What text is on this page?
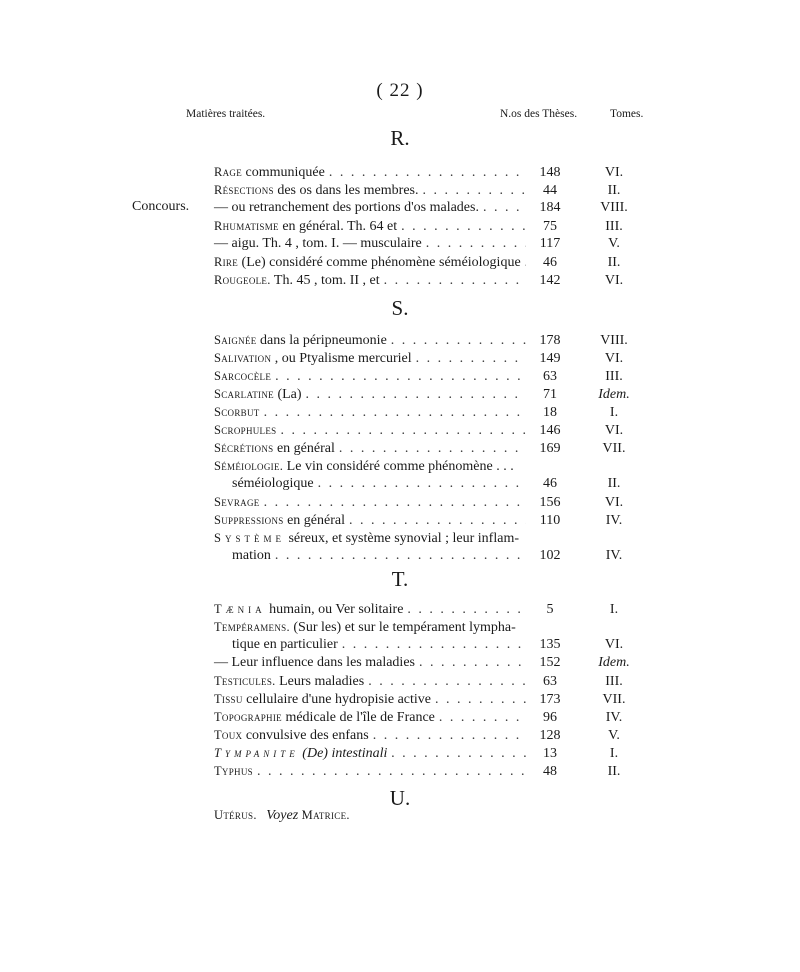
( 22 )
Matières traitées.	N.os des Thèses.	Tomes.
R.
Concours.
Rage communiquée . . .	148	VI.
Résections des os dans les membres. . . .	44	II.
— ou retranchement des portions d'os malades. . . .	184	VIII.
Rhumatisme en général. Th. 64 et . . .	75	III.
— aigu. Th. 4 , tom. I. — musculaire . . .	117	V.
Rire (Le) considéré comme phénomène séméiologique . . .	46	II.
Rougeole. Th. 45 , tom. II , et . . .	142	VI.
S.
Saignée dans la péripneumonie . . .	178	VIII.
Salivation , ou Ptyalisme mercuriel . . .	149	VI.
Sarcocèle . . .	63	III.
Scarlatine (La) . . .	71	Idem.
Scorbut . . .	18	I.
Scrophules . . .	146	VI.
Sécrétions en général . . .	169	VII.
Séméiologie. Le vin considéré comme phénomène . . .
séméiologique . . .	46	II.
Sevrage . . .	156	VI.
Suppressions en général . . .	110	IV.
Système séreux, et système synovial ; leur inflam-
mation . . .	102	IV.
T.
Tænia humain, ou Ver solitaire . . .	5	I.
Tempéramens. (Sur les) et sur le tempérament lympha-
tique en particulier . . .	135	VI.
— Leur influence dans les maladies . . .	152	Idem.
Testicules. Leurs maladies . . .	63	III.
Tissu cellulaire d'une hydropisie active . . .	173	VII.
Topographie médicale de l'île de France . . .	96	IV.
Toux convulsive des enfans . . .	128	V.
Tympanite (De) intestinali . . .	13	I.
Typhus . . .	48	II.
U.
Utérus. Voyez Matrice.
